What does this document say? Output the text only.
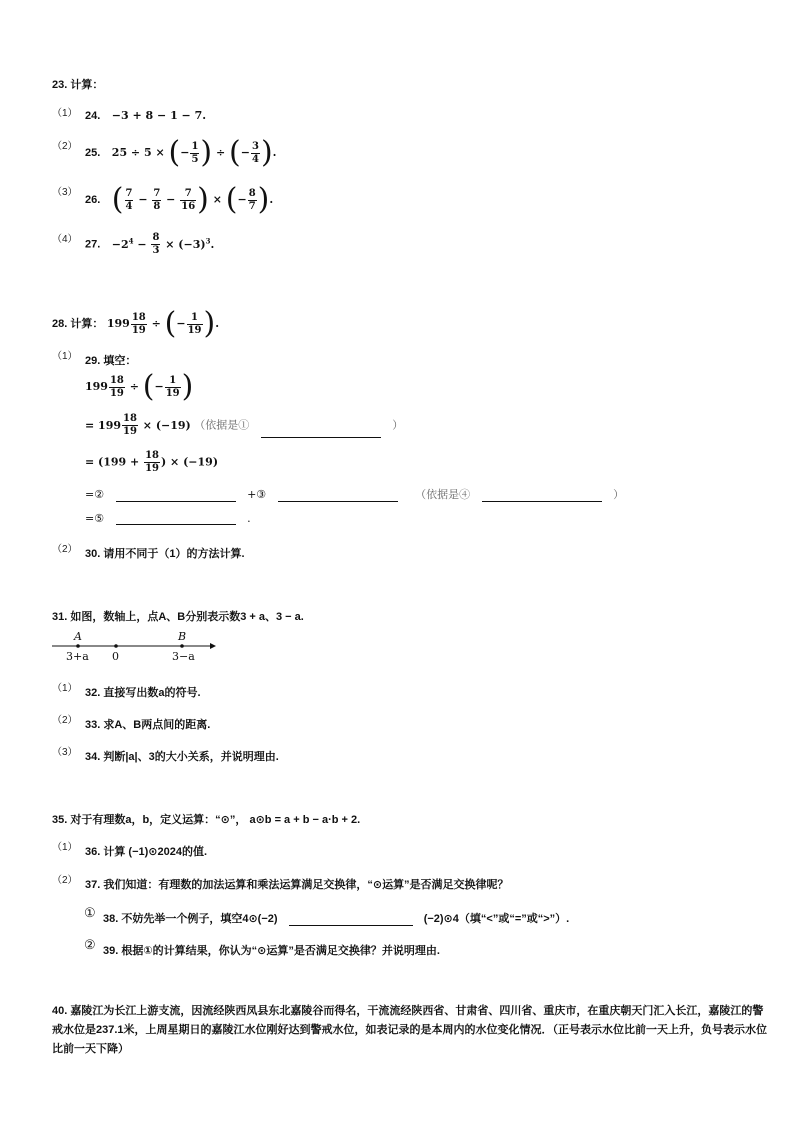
23. 计算：
（1） 24. −3 + 8 − 1 − 7.
（2）
25. 25 ÷ 5 × (− $\frac{1}{5}$ ) ÷ (− $\frac{3}{4}$ ).
（3）
26. ( $\frac{7}{4} - \frac{7}{8} - \frac{7}{16}$ ) × (− $\frac{8}{7}$ ).
（4） 27. $-2^4 - \frac{8}{3} \times (-3)^3$.
28. 计算： $199 \frac{18}{19}$ ÷ (− $\frac{1}{19}$ ).
（1） 29. 填空：
$199 \frac{18}{19}$ ÷ (− $\frac{1}{19}$ )
= $199 \frac{18}{19} \times (-19)$ （依据是①	）
= ($199 + \frac{18}{19}$ ) × (−19)
=②	+③	（依据是④	）
=⑤	.
（2） 30. 请用不同于（1）的方法计算.
31. 如图，数轴上，点A、B分别表示数3 + a、3 − a.
A	B
3+a 0	3−a
（1） 32. 直接写出数a的符号.
（2） 33. 求A、B两点间的距离.
（3） 34. 判断|a|、3的大小关系，并说明理由.
35. 对于有理数a，b，定义运算：“⊙”， a⊙b = a + b − a·b + 2.
（1） 36. 计算 (−1)⊙2024的值.
（2） 37. 我们知道：有理数的加法运算和乘法运算满足交换律，“⊙运算”是否满足交换律呢？
① 38. 不妨先举一个例子，填空4⊙(−2)	(−2)⊙4（填“<”或“=”或“>”）.
② 39. 根据①的计算结果，你认为“⊙运算”是否满足交换律？并说明理由.
40. 嘉陵江为长江上游支流，因流经陕西凤县东北嘉陵谷而得名，干流流经陕西省、甘肃省、四川省、重庆市，在重庆朝天门汇入长江，嘉陵江的警戒水位是237.1米，上周星期日的嘉陵江水位刚好达到警戒水位，如表记录的是本周内的水位变化情况．（正号表示水位比前一天上升，负号表示水位比前一天下降）
